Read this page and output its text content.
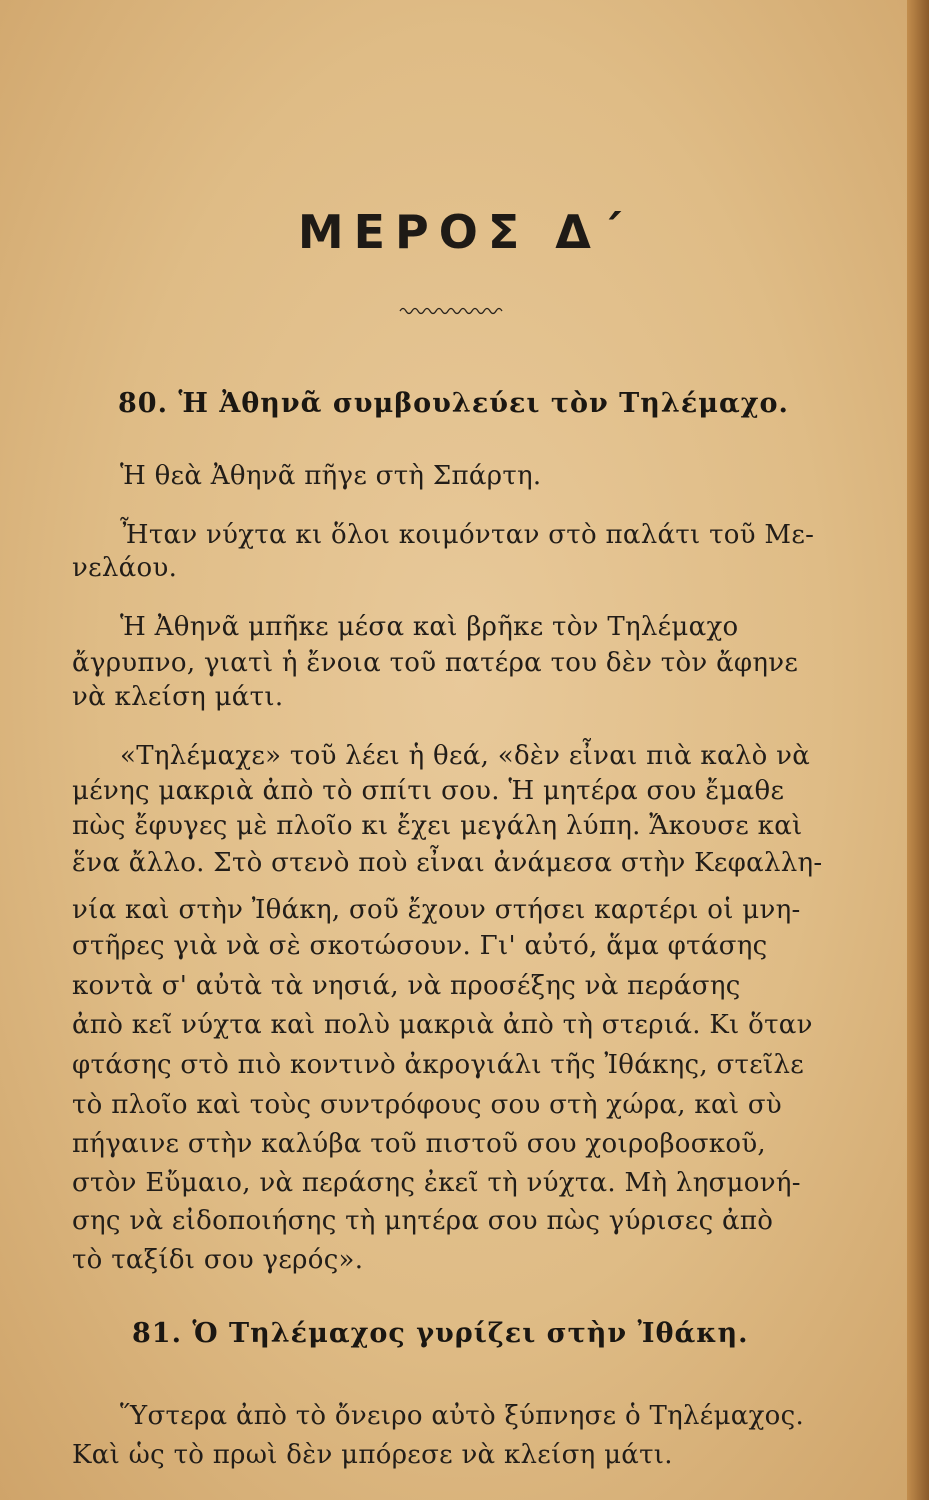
ΜΕΡΟΣ Δ΄
80. Ἡ Ἀθηνᾶ συμβουλεύει τὸν Τηλέμαχο.
Ἡ θεὰ Ἀθηνᾶ πῆγε στὴ Σπάρτη.
Ἦταν νύχτα κι ὅλοι κοιμόνταν στὸ παλάτι τοῦ Με-
νελάου.
Ἡ Ἀθηνᾶ μπῆκε μέσα καὶ βρῆκε τὸν Τηλέμαχο
ἄγρυπνο, γιατὶ ἡ ἔνοια τοῦ πατέρα του δὲν τὸν ἄφηνε
νὰ κλείση μάτι.
«Τηλέμαχε» τοῦ λέει ἡ θεά, «δὲν εἶναι πιὰ καλὸ νὰ
μένης μακριὰ ἀπὸ τὸ σπίτι σου. Ἡ μητέρα σου ἔμαθε
πὼς ἔφυγες μὲ πλοῖο κι ἔχει μεγάλη λύπη. Ἄκουσε καὶ
ἕνα ἄλλο. Στὸ στενὸ ποὺ εἶναι ἀνάμεσα στὴν Κεφαλλη-
νία καὶ στὴν Ἰθάκη, σοῦ ἔχουν στήσει καρτέρι οἱ μνη-
στῆρες γιὰ νὰ σὲ σκοτώσουν. Γι' αὐτό, ἅμα φτάσης
κοντὰ σ' αὐτὰ τὰ νησιά, νὰ προσέξης νὰ περάσης
ἀπὸ κεῖ νύχτα καὶ πολὺ μακριὰ ἀπὸ τὴ στεριά. Κι ὅταν
φτάσης στὸ πιὸ κοντινὸ ἀκρογιάλι τῆς Ἰθάκης, στεῖλε
τὸ πλοῖο καὶ τοὺς συντρόφους σου στὴ χώρα, καὶ σὺ
πήγαινε στὴν καλύβα τοῦ πιστοῦ σου χοιροβοσκοῦ,
στὸν Εὔμαιο, νὰ περάσης ἐκεῖ τὴ νύχτα. Μὴ λησμονή-
σης νὰ εἰδοποιήσης τὴ μητέρα σου πὼς γύρισες ἀπὸ
τὸ ταξίδι σου γερός».
81. Ὁ Τηλέμαχος γυρίζει στὴν Ἰθάκη.
Ὕστερα ἀπὸ τὸ ὄνειρο αὐτὸ ξύπνησε ὁ Τηλέμαχος.
Καὶ ὡς τὸ πρωὶ δὲν μπόρεσε νὰ κλείση μάτι.
